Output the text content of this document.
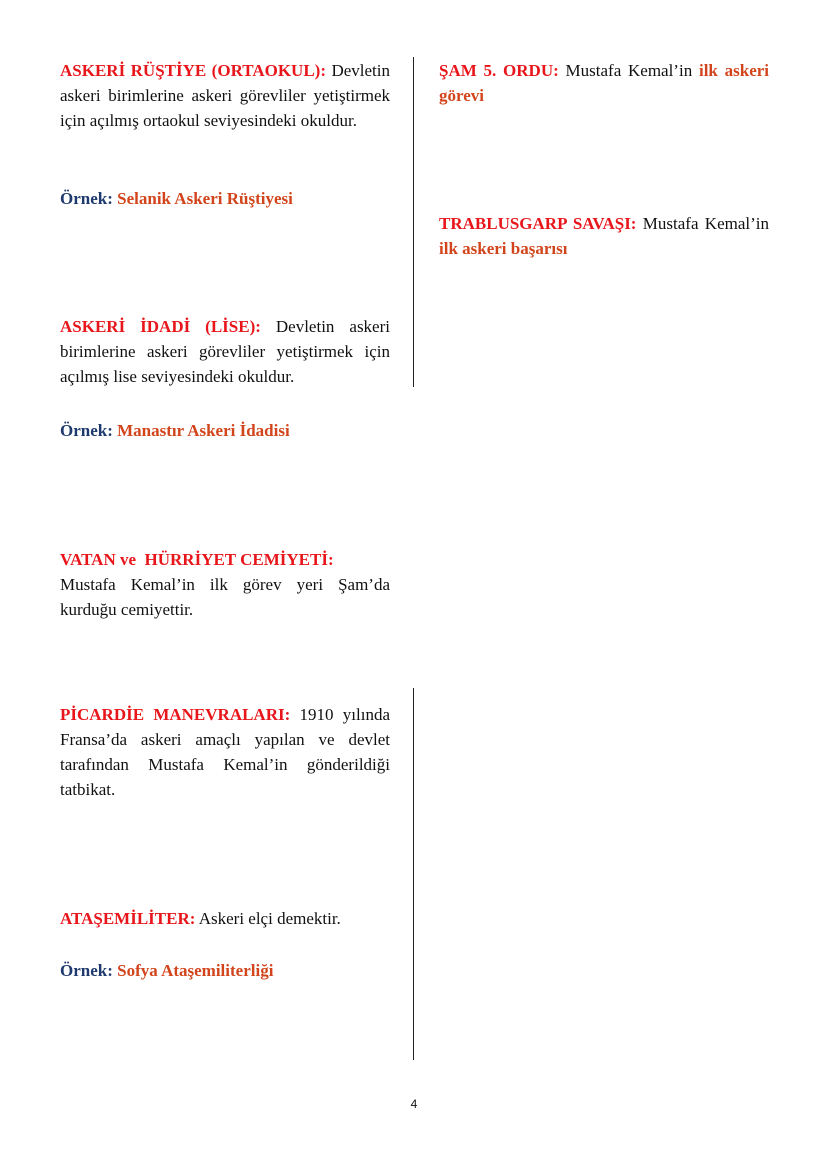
ASKERİ RÜŞTİYE (ORTAOKUL): Devletin askeri birimlerine askeri görevliler yetiştirmek için açılmış ortaokul seviyesindeki okuldur.
Örnek: Selanik Askeri Rüştiyesi
ASKERİ İDADİ (LİSE): Devletin askeri birimlerine askeri görevliler yetiştirmek için açılmış lise seviyesindeki okuldur.
Örnek: Manastır Askeri İdadisi
VATAN ve  HÜRRİYET CEMİYETİ:
Mustafa Kemal’in ilk görev yeri Şam’da kurduğu cemiyettir.
PİCARDİE MANEVRALARI: 1910 yılında Fransa’da askeri amaçlı yapılan ve devlet tarafından Mustafa Kemal’in gönderildiği tatbikat.
ATAŞEMİLİTER: Askeri elçi demektir.
Örnek: Sofya Ataşemiliterliği
ŞAM 5. ORDU: Mustafa Kemal’in ilk askeri görevi
TRABLUSGARP SAVAŞI: Mustafa Kemal’in ilk askeri başarısı
4
